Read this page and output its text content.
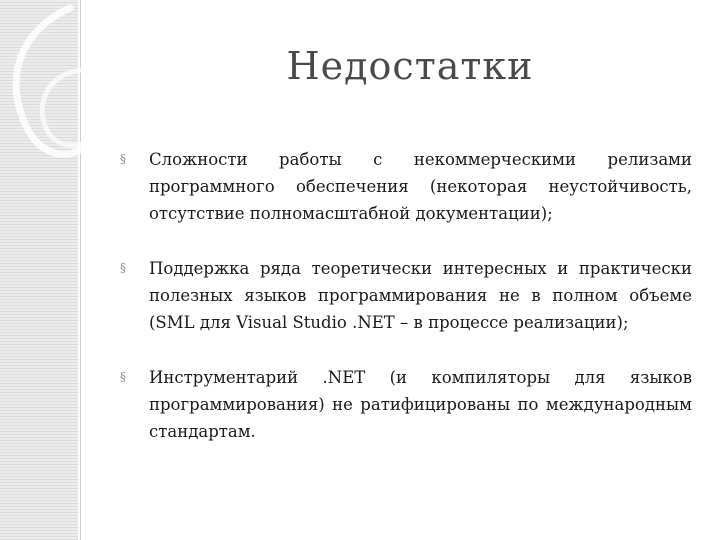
Недостатки
§ Сложности работы с некоммерческими релизами программного обеспечения (некоторая неустойчивость, отсутствие полномасштабной документации);
§ Поддержка ряда теоретически интересных и практически полезных языков программирования не в полном объеме (SML для Visual Studio .NET – в процессе реализации);
§ Инструментарий .NET (и компиляторы для языков программирования) не ратифицированы по международным стандартам.
